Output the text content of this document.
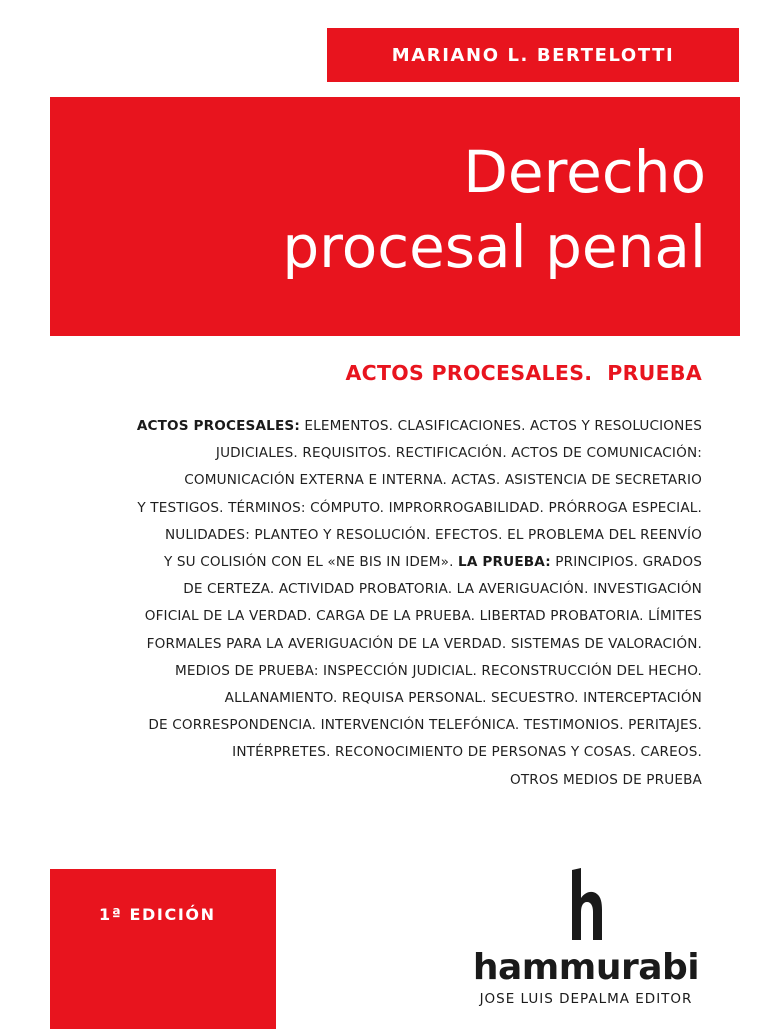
MARIANO L. BERTELOTTI
Derecho
procesal penal
ACTOS PROCESALES.  PRUEBA
ACTOS PROCESALES: ELEMENTOS. CLASIFICACIONES. ACTOS Y RESOLUCIONES
JUDICIALES. REQUISITOS. RECTIFICACIÓN. ACTOS DE COMUNICACIÓN:
COMUNICACIÓN EXTERNA E INTERNA. ACTAS. ASISTENCIA DE SECRETARIO
Y TESTIGOS. TÉRMINOS: CÓMPUTO. IMPRORROGABILIDAD. PRÓRROGA ESPECIAL.
NULIDADES: PLANTEO Y RESOLUCIÓN. EFECTOS. EL PROBLEMA DEL REENVÍO
Y SU COLISIÓN CON EL «NE BIS IN IDEM». LA PRUEBA: PRINCIPIOS. GRADOS
DE CERTEZA. ACTIVIDAD PROBATORIA. LA AVERIGUACIÓN. INVESTIGACIÓN
OFICIAL DE LA VERDAD. CARGA DE LA PRUEBA. LIBERTAD PROBATORIA. LÍMITES
FORMALES PARA LA AVERIGUACIÓN DE LA VERDAD. SISTEMAS DE VALORACIÓN.
MEDIOS DE PRUEBA: INSPECCIÓN JUDICIAL. RECONSTRUCCIÓN DEL HECHO.
ALLANAMIENTO. REQUISA PERSONAL. SECUESTRO. INTERCEPTACIÓN
DE CORRESPONDENCIA. INTERVENCIÓN TELEFÓNICA. TESTIMONIOS. PERITAJES.
INTÉRPRETES. RECONOCIMIENTO DE PERSONAS Y COSAS. CAREOS.
OTROS MEDIOS DE PRUEBA
1ª EDICIÓN
hammurabi
JOSE LUIS DEPALMA EDITOR
